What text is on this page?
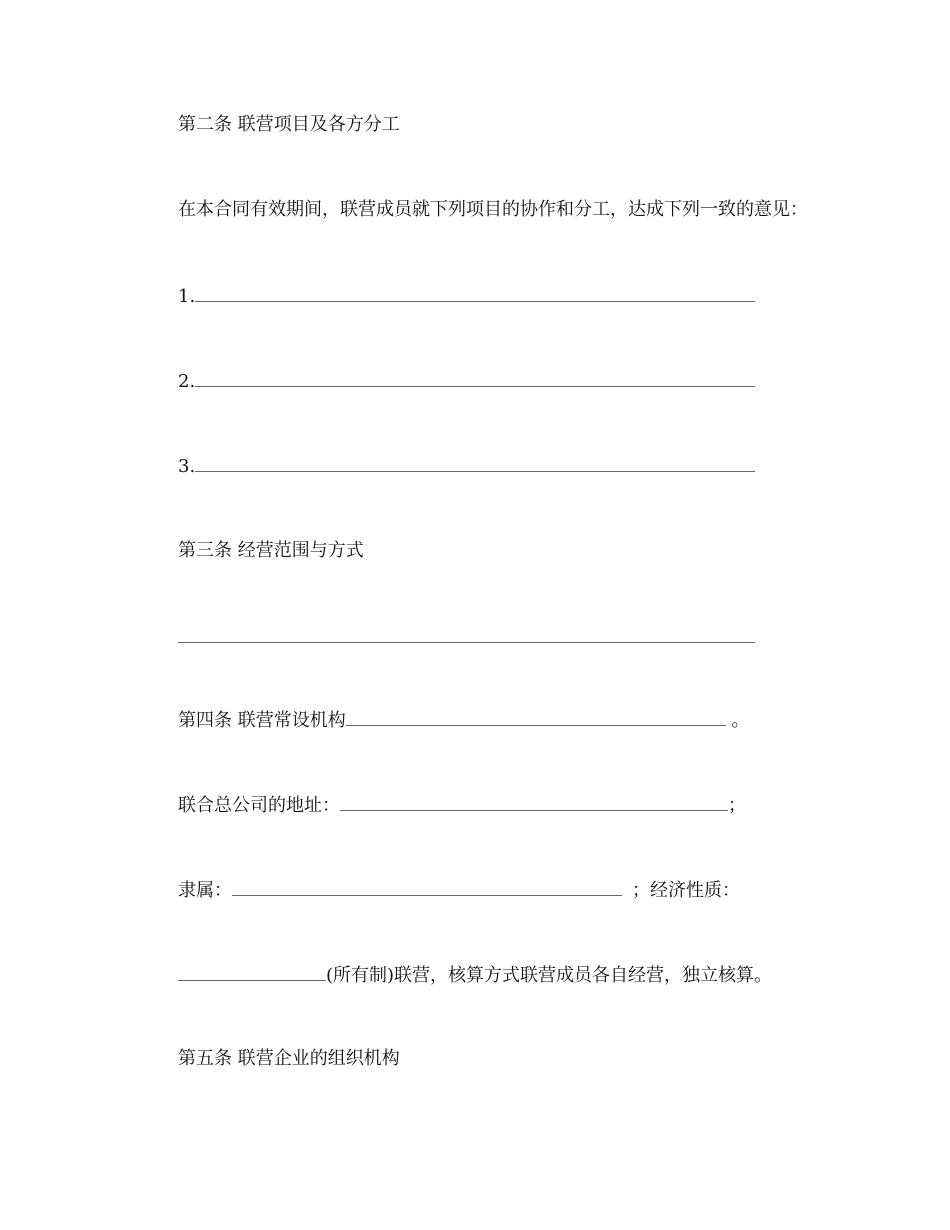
第二条 联营项目及各方分工
在本合同有效期间，联营成员就下列项目的协作和分工，达成下列一致的意见：
1.
2.
3.
第三条 经营范围与方式
第四条 联营常设机构	。
联合总公司的地址：	；
隶属：	；经济性质：
(所有制)联营，核算方式联营成员各自经营，独立核算。
第五条 联营企业的组织机构
